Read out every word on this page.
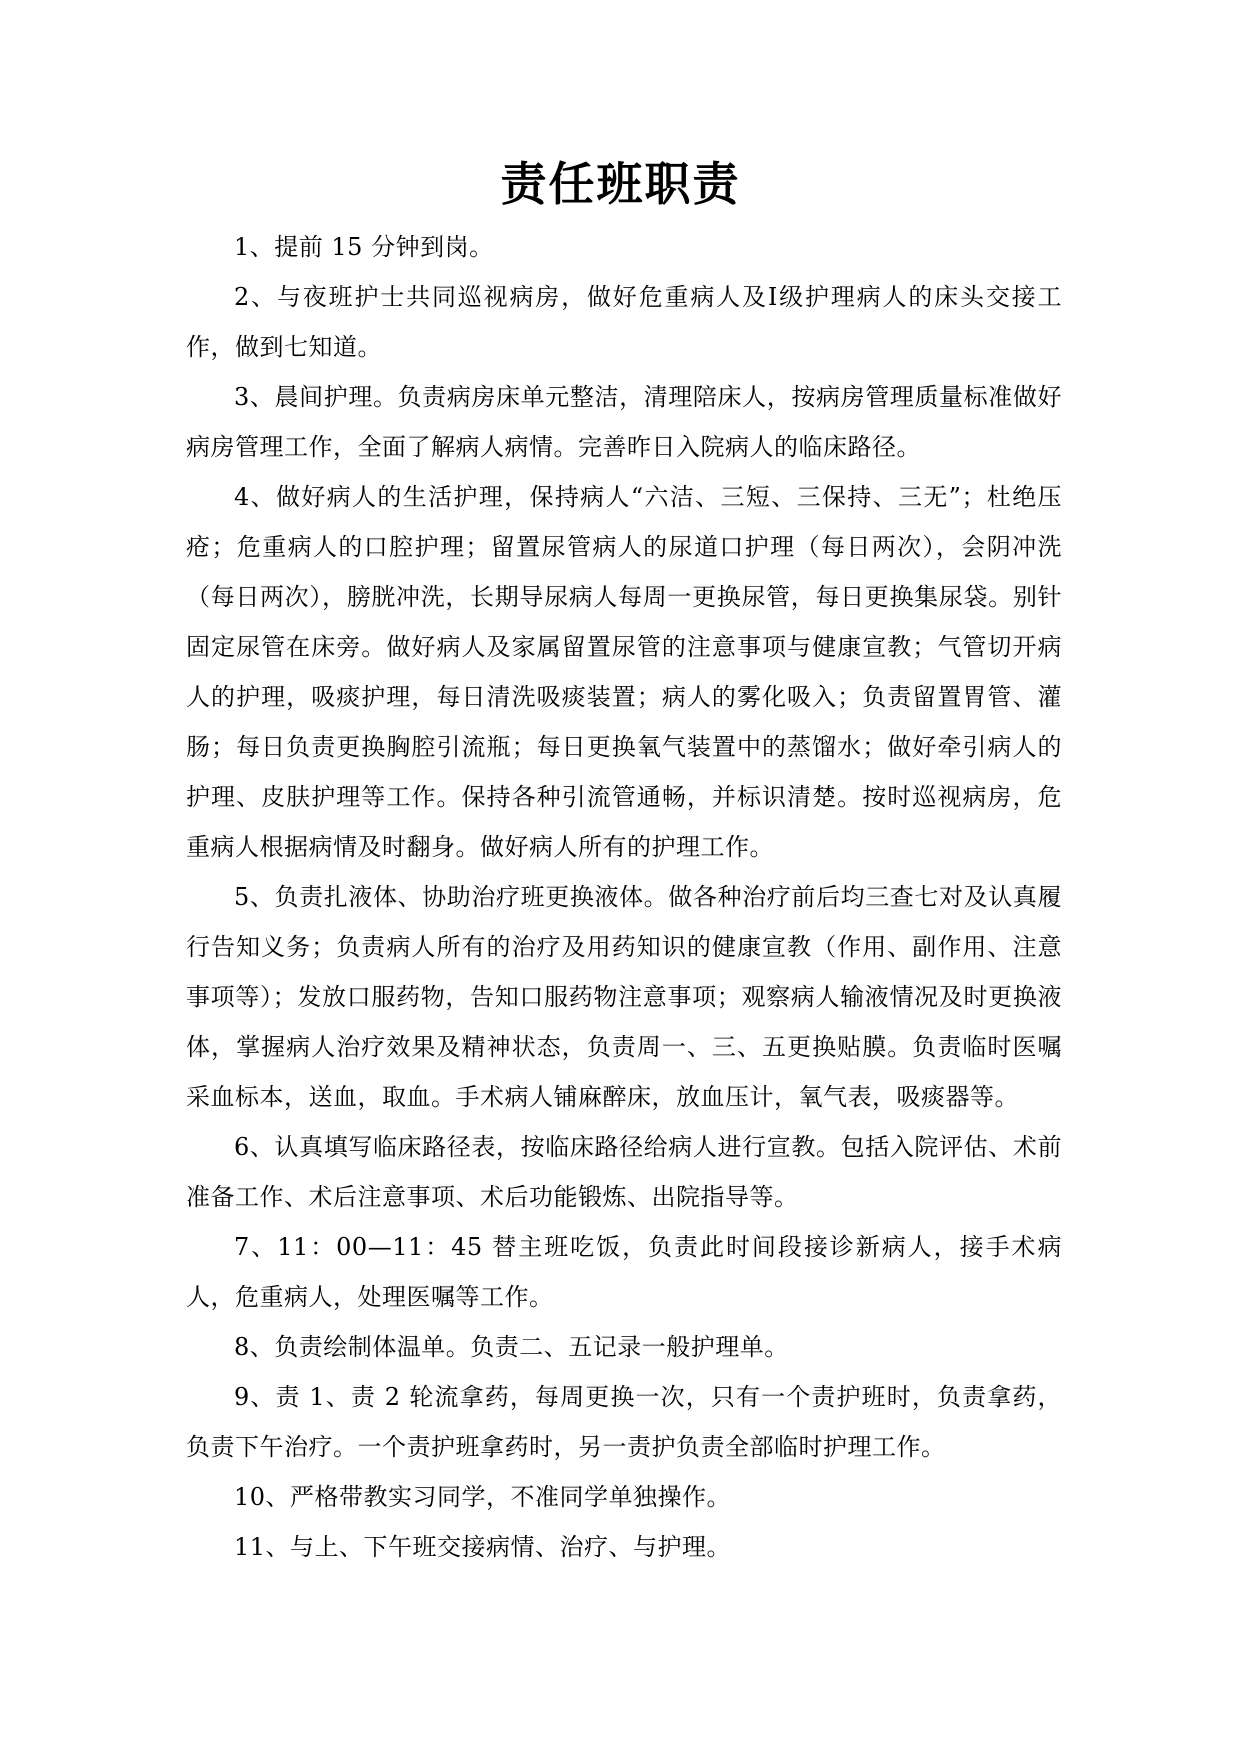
责任班职责

1、提前 15 分钟到岗。

2、与夜班护士共同巡视病房，做好危重病人及Ⅰ级护理病人的床头交接工作，做到七知道。

3、晨间护理。负责病房床单元整洁，清理陪床人，按病房管理质量标准做好病房管理工作，全面了解病人病情。完善昨日入院病人的临床路径。

4、做好病人的生活护理，保持病人“六洁、三短、三保持、三无”；杜绝压疮；危重病人的口腔护理；留置尿管病人的尿道口护理（每日两次），会阴冲洗（每日两次），膀胱冲洗，长期导尿病人每周一更换尿管，每日更换集尿袋。别针固定尿管在床旁。做好病人及家属留置尿管的注意事项与健康宣教；气管切开病人的护理，吸痰护理，每日清洗吸痰装置；病人的雾化吸入；负责留置胃管、灌肠；每日负责更换胸腔引流瓶；每日更换氧气装置中的蒸馏水；做好牵引病人的护理、皮肤护理等工作。保持各种引流管通畅，并标识清楚。按时巡视病房，危重病人根据病情及时翻身。做好病人所有的护理工作。

5、负责扎液体、协助治疗班更换液体。做各种治疗前后均三查七对及认真履行告知义务；负责病人所有的治疗及用药知识的健康宣教（作用、副作用、注意事项等）；发放口服药物，告知口服药物注意事项；观察病人输液情况及时更换液体，掌握病人治疗效果及精神状态，负责周一、三、五更换贴膜。负责临时医嘱采血标本，送血，取血。手术病人铺麻醉床，放血压计，氧气表，吸痰器等。

6、认真填写临床路径表，按临床路径给病人进行宣教。包括入院评估、术前准备工作、术后注意事项、术后功能锻炼、出院指导等。

7、11：00—11：45 替主班吃饭，负责此时间段接诊新病人，接手术病人，危重病人，处理医嘱等工作。

8、负责绘制体温单。负责二、五记录一般护理单。

9、责 1、责 2 轮流拿药，每周更换一次，只有一个责护班时，负责拿药，负责下午治疗。一个责护班拿药时，另一责护负责全部临时护理工作。

10、严格带教实习同学，不准同学单独操作。

11、与上、下午班交接病情、治疗、与护理。
